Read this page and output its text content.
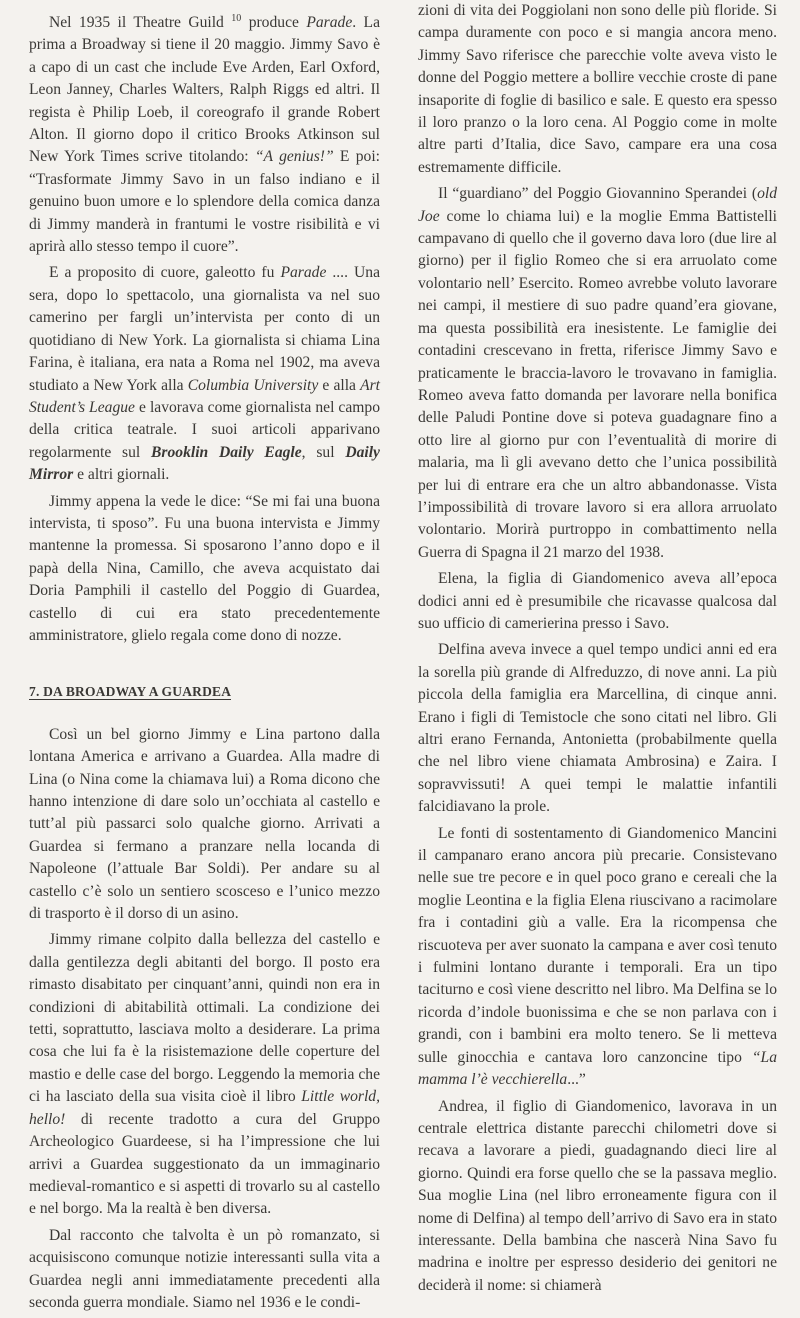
Nel 1935 il Theatre Guild $^{10}$ produce Parade. La prima a Broadway si tiene il 20 maggio. Jimmy Savo è a capo di un cast che include Eve Arden, Earl Oxford, Leon Janney, Charles Walters, Ralph Riggs ed altri. Il regista è Philip Loeb, il coreografo il grande Robert Alton. Il giorno dopo il critico Brooks Atkinson sul New York Times scrive titolando: “A genius!” E poi: “Trasformate Jimmy Savo in un falso indiano e il genuino buon umore e lo splendore della comica danza di Jimmy manderà in frantumi le vostre risibilità e vi aprirà allo stesso tempo il cuore”.

E a proposito di cuore, galeotto fu Parade .... Una sera, dopo lo spettacolo, una giornalista va nel suo camerino per fargli un’intervista per conto di un quotidiano di New York. La giornalista si chiama Lina Farina, è italiana, era nata a Roma nel 1902, ma aveva studiato a New York alla Columbia University e alla Art Student’s League e lavorava come giornalista nel campo della critica teatrale. I suoi articoli apparivano regolarmente sul Brooklin Daily Eagle, sul Daily Mirror e altri giornali.

Jimmy appena la vede le dice: “Se mi fai una buona intervista, ti sposo”. Fu una buona intervista e Jimmy mantenne la promessa. Si sposarono l’anno dopo e il papà della Nina, Camillo, che aveva acquistato dai Doria Pamphili il castello del Poggio di Guardea, castello di cui era stato precedentemente amministratore, glielo regala come dono di nozze.

7. DA BROADWAY A GUARDEA

Così un bel giorno Jimmy e Lina partono dalla lontana America e arrivano a Guardea. Alla madre di Lina (o Nina come la chiamava lui) a Roma dicono che hanno intenzione di dare solo un’occhiata al castello e tutt’al più passarci solo qualche giorno. Arrivati a Guardea si fermano a pranzare nella locanda di Napoleone (l’attuale Bar Soldi). Per andare su al castello c’è solo un sentiero scosceso e l’unico mezzo di trasporto è il dorso di un asino.

Jimmy rimane colpito dalla bellezza del castello e dalla gentilezza degli abitanti del borgo. Il posto era rimasto disabitato per cinquant’anni, quindi non era in condizioni di abitabilità ottimali. La condizione dei tetti, soprattutto, lasciava molto a desiderare. La prima cosa che lui fa è la risistemazione delle coperture del mastio e delle case del borgo. Leggendo la memoria che ci ha lasciato della sua visita cioè il libro Little world, hello! di recente tradotto a cura del Gruppo Archeologico Guardeese, si ha l’impressione che lui arrivi a Guardea suggestionato da un immaginario medieval-romantico e si aspetti di trovarlo su al castello e nel borgo. Ma la realtà è ben diversa.

Dal racconto che talvolta è un pò romanzato, si acquisiscono comunque notizie interessanti sulla vita a Guardea negli anni immediatamente precedenti alla seconda guerra mondiale. Siamo nel 1936 e le condi-

zioni di vita dei Poggiolani non sono delle più floride. Si campa duramente con poco e si mangia ancora meno. Jimmy Savo riferisce che parecchie volte aveva visto le donne del Poggio mettere a bollire vecchie croste di pane insaporite di foglie di basilico e sale. E questo era spesso il loro pranzo o la loro cena. Al Poggio come in molte altre parti d’Italia, dice Savo, campare era una cosa estremamente difficile.

Il “guardiano” del Poggio Giovannino Sperandei (old Joe come lo chiama lui) e la moglie Emma Battistelli campavano di quello che il governo dava loro (due lire al giorno) per il figlio Romeo che si era arruolato come volontario nell’ Esercito. Romeo avrebbe voluto lavorare nei campi, il mestiere di suo padre quand’era giovane, ma questa possibilità era inesistente. Le famiglie dei contadini crescevano in fretta, riferisce Jimmy Savo e praticamente le braccia-lavoro le trovavano in famiglia. Romeo aveva fatto domanda per lavorare nella bonifica delle Paludi Pontine dove si poteva guadagnare fino a otto lire al giorno pur con l’eventualità di morire di malaria, ma lì gli avevano detto che l’unica possibilità per lui di entrare era che un altro abbandonasse. Vista l’impossibilità di trovare lavoro si era allora arruolato volontario. Morirà purtroppo in combattimento nella Guerra di Spagna il 21 marzo del 1938.

Elena, la figlia di Giandomenico aveva all’epoca dodici anni ed è presumibile che ricavasse qualcosa dal suo ufficio di camerierina presso i Savo.

Delfina aveva invece a quel tempo undici anni ed era la sorella più grande di Alfreduzzo, di nove anni. La più piccola della famiglia era Marcellina, di cinque anni. Erano i figli di Temistocle che sono citati nel libro. Gli altri erano Fernanda, Antonietta (probabilmente quella che nel libro viene chiamata Ambrosina) e Zaira. I sopravvissuti! A quei tempi le malattie infantili falcidiavano la prole.

Le fonti di sostentamento di Giandomenico Mancini il campanaro erano ancora più precarie. Consistevano nelle sue tre pecore e in quel poco grano e cereali che la moglie Leontina e la figlia Elena riuscivano a racimolare fra i contadini giù a valle. Era la ricompensa che riscuoteva per aver suonato la campana e aver così tenuto i fulmini lontano durante i temporali. Era un tipo taciturno e così viene descritto nel libro. Ma Delfina se lo ricorda d’indole buonissima e che se non parlava con i grandi, con i bambini era molto tenero. Se li metteva sulle ginocchia e cantava loro canzoncine tipo “La mamma l’è vecchierella...”

Andrea, il figlio di Giandomenico, lavorava in un centrale elettrica distante parecchi chilometri dove si recava a lavorare a piedi, guadagnando dieci lire al giorno. Quindi era forse quello che se la passava meglio. Sua moglie Lina (nel libro erroneamente figura con il nome di Delfina) al tempo dell’arrivo di Savo era in stato interessante. Della bambina che nascerà Nina Savo fu madrina e inoltre per espresso desiderio dei genitori ne deciderà il nome: si chiamerà
